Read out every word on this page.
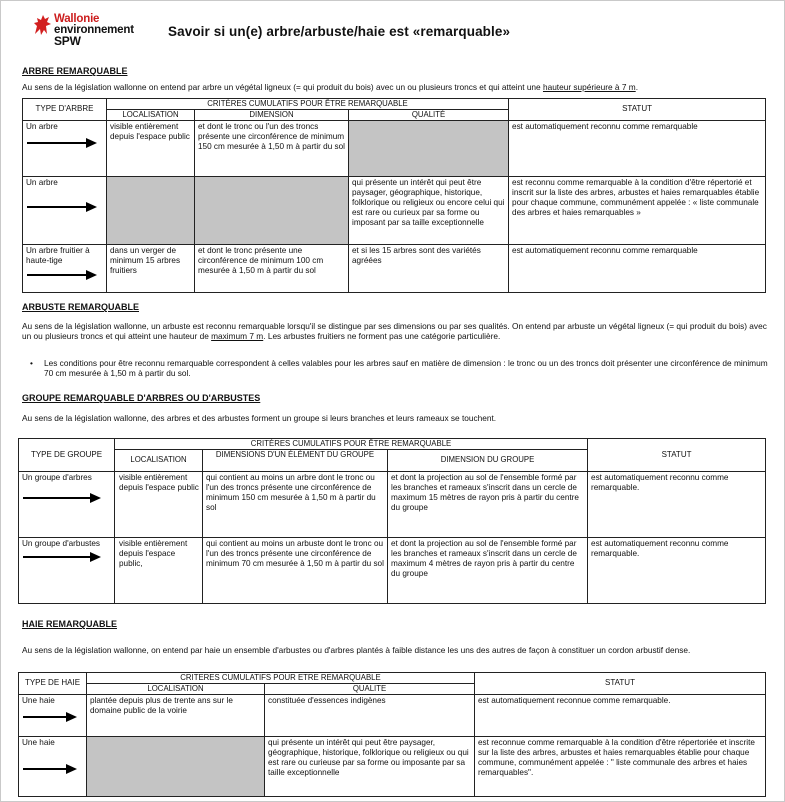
Wallonie
environnement
SPW
Savoir si un(e) arbre/arbuste/haie est «remarquable»
ARBRE REMARQUABLE
Au sens de la législation wallonne on entend par arbre un végétal ligneux (= qui produit du bois) avec un ou plusieurs troncs et qui atteint une hauteur supérieure à 7 m.
TYPE D'ARBRE	CRITÈRES CUMULATIFS POUR ÊTRE REMARQUABLE			STATUT
	LOCALISATION	DIMENSION	QUALITÉ	
Un arbre	visible entièrement depuis l'espace public	et dont le tronc ou l'un des troncs présente une circonférence de minimum 150 cm mesurée à 1,50 m à partir du sol		est automatiquement reconnu comme remarquable
Un arbre			qui présente un intérêt qui peut être paysager, géographique, historique, folklorique ou religieux ou encore celui qui est rare ou curieux par sa forme ou imposant par sa taille exceptionnelle	est reconnu comme remarquable à la condition d'être répertorié et inscrit sur la liste des arbres, arbustes et haies remarquables établie pour chaque commune, communément appelée : « liste communale des arbres et haies remarquables »
Un arbre fruitier à haute-tige	dans un verger de minimum 15 arbres fruitiers	et dont le tronc présente une circonférence de minimum 100 cm mesurée à 1,50 m à partir du sol	et si les 15 arbres sont des variétés agréées	est automatiquement reconnu comme remarquable
ARBUSTE REMARQUABLE
Au sens de la législation wallonne, un arbuste est reconnu remarquable lorsqu'il se distingue par ses dimensions ou par ses qualités. On entend par arbuste un végétal ligneux (= qui produit du bois) avec un ou plusieurs troncs et qui atteint une hauteur de maximum 7 m. Les arbustes fruitiers ne forment pas une catégorie particulière.
• Les conditions pour être reconnu remarquable correspondent à celles valables pour les arbres sauf en matière de dimension : le tronc ou un des troncs doit présenter une circonférence de minimum 70 cm mesurée à 1,50 m à partir du sol.
GROUPE REMARQUABLE D'ARBRES OU D'ARBUSTES
Au sens de la législation wallonne, des arbres et des arbustes forment un groupe si leurs branches et leurs rameaux se touchent.
TYPE DE GROUPE	CRITÈRES CUMULATIFS POUR ÊTRE REMARQUABLE			STATUT
	LOCALISATION	DIMENSIONS D'UN ÉLÉMENT DU GROUPE	DIMENSION DU GROUPE	
Un groupe d'arbres	visible entièrement depuis l'espace public	qui contient au moins un arbre dont le tronc ou l'un des troncs présente une circonférence de minimum 150 cm mesurée à 1,50 m à partir du sol	et dont la projection au sol de l'ensemble formé par les branches et rameaux s'inscrit dans un cercle de maximum 15 mètres de rayon pris à partir du centre du groupe	est automatiquement reconnu comme remarquable.
Un groupe d'arbustes	visible entièrement depuis l'espace public,	qui contient au moins un arbuste dont le tronc ou l'un des troncs présente une circonférence de minimum 70 cm mesurée à 1,50 m à partir du sol	et dont la projection au sol de l'ensemble formé par les branches et rameaux s'inscrit dans un cercle de maximum 4 mètres de rayon pris à partir du centre du groupe	est automatiquement reconnu comme remarquable.
HAIE REMARQUABLE
Au sens de la législation wallonne, on entend par haie un ensemble d'arbustes ou d'arbres plantés à faible distance les uns des autres de façon à constituer un cordon arbustif dense.
TYPE DE HAIE	CRITERES CUMULATIFS POUR ETRE REMARQUABLE		STATUT
	LOCALISATION	QUALITE	
Une haie	plantée depuis plus de trente ans sur le domaine public de la voirie	constituée d'essences indigènes	est automatiquement reconnue comme remarquable.
Une haie		qui présente un intérêt qui peut être paysager, géographique, historique, folklorique ou religieux ou qui est rare ou curieuse par sa forme ou imposante par sa taille exceptionnelle	est reconnue comme remarquable à la condition d'être répertoriée et inscrite sur la liste des arbres, arbustes et haies remarquables établie pour chaque commune, communément appelée : " liste communale des arbres et haies remarquables".
